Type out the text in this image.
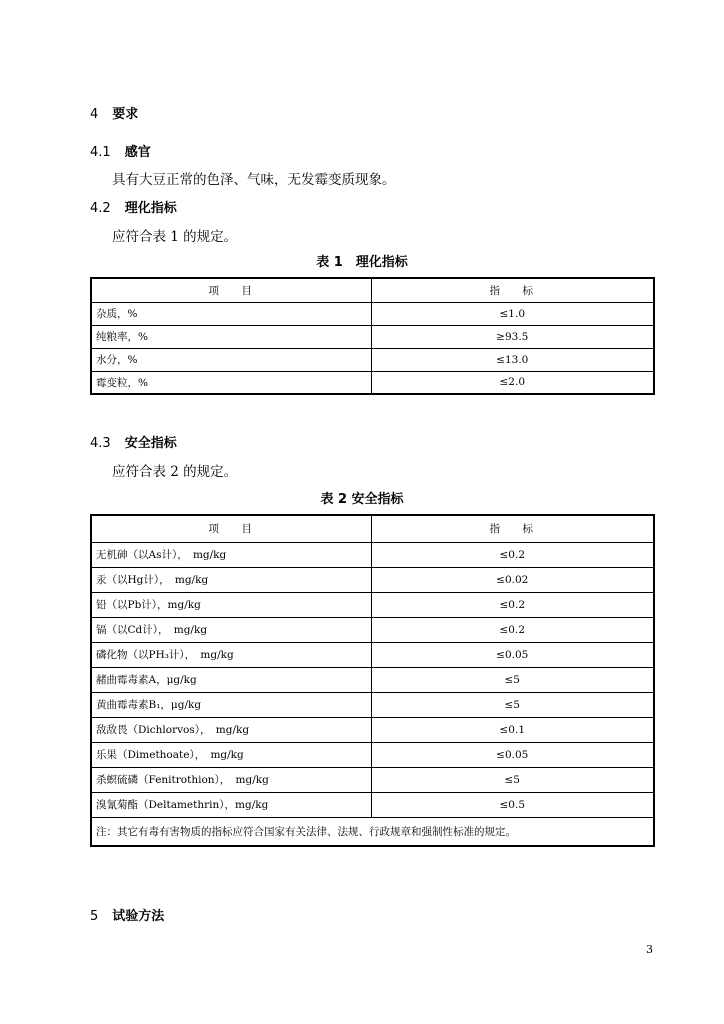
4 要求
4.1 感官
具有大豆正常的色泽、气味，无发霉变质现象。
4.2 理化指标
应符合表 1 的规定。
表 1　理化指标
项　目	指　标
杂质，%	≤1.0
纯粮率，%	≥93.5
水分，%	≤13.0
霉变粒，%	≤2.0
4.3 安全指标
应符合表 2 的规定。
表 2 安全指标
项　目	指　标
无机砷（以As计），　mg/kg	≤0.2
汞（以Hg计），　mg/kg	≤0.02
铅（以Pb计），mg/kg	≤0.2
镉（以Cd计），　mg/kg	≤0.2
磷化物（以PH₃计），　mg/kg	≤0.05
赭曲霉毒素A，μg/kg	≤5
黄曲霉毒素B₁，μg/kg	≤5
敌敌畏（Dichlorvos），　mg/kg	≤0.1
乐果（Dimethoate），　mg/kg	≤0.05
杀螟硫磷（Fenitrothion），　mg/kg	≤5
溴氰菊酯（Deltamethrin），mg/kg	≤0.5
注：其它有毒有害物质的指标应符合国家有关法律、法规、行政规章和强制性标准的规定。	
5 试验方法
3
